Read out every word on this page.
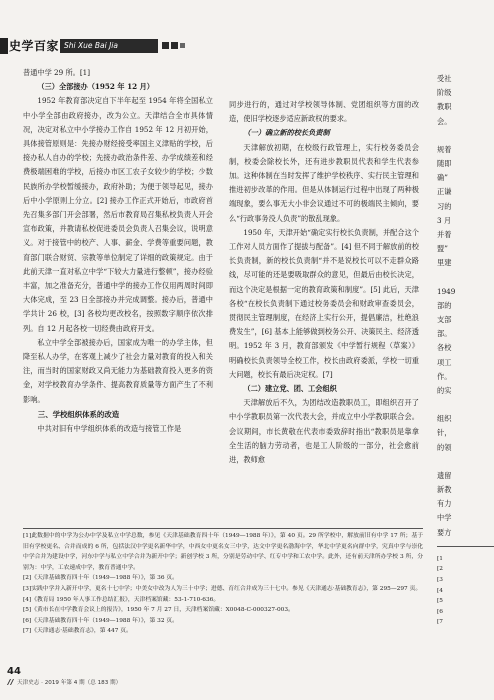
史学百家 Shi Xue Bai Jia

普通中学 29 所。[1]

（三）全部接办（1952 年 12 月）

1952 年教育部决定自下半年起至 1954 年将全国私立中小学全部由政府接办，改为公立。天津结合全市具体情况，决定对私立中小学接办工作自 1952 年 12 月初开始，具体接管原则是：先接办财经接受率国主义津贴的学校，后接办私人自办的学校；先接办政治条件差、办学成绩差和经费极端困难的学校，后接办市区工农子女较少的学校；少数民族所办学校暂缓接办，政府补助；为便于领导起见，接办后中小学原则上分立。[2] 接办工作正式开始后，市政府首先召集多部门开会部署，然后市教育局召集私校负责人开会宣布政策，并教请私校促进委员会负责人召集会议，说明意义。对于接管中的校产、人事、薪金、学费等重要问题，教育部门联合财贸、宗教等单位制定了详细的政策规定。由于此前天津一直对私立中学“下较大力量进行整顿”，接办经验丰富，加之准备充分，普通中学的接办工作仅用两周时间即大体完成，至 23 日全部接办并完成调整。接办后，普通中学共计 26 校，[3] 各校均更改校名，按照数字顺序依次排列。自 12 月起各校一切经费由政府开支。

私立中学全部被接办后，国家成为唯一的办学主体，但降至私人办学，在客观上减少了社会力量对教育的投入和关注，而当时的国家财政又尚无能力为基础教育投入更多的资金，对学校教育办学条件、提高教育质量等方面产生了不利影响。

三、学校组织体系的改造

中共对旧有中学组织体系的改造与接管工作是

同步进行的，通过对学校领导体制、党团组织等方面的改造，使旧学校逐步适应新政权的要求。

（一）确立新的校长负责制

天津解放初期，在校级行政管理上，实行校务委员会制，校委会除校长外，还有进步教职员代表和学生代表参加。这种体制在当时发挥了维护学校秩序、实行民主管理和推进初步改革的作用。但是从体制运行过程中出现了两种极端现象，要么事无大小非会议通过不可的极端民主倾向，要么“行政事务没人负责”的散乱现象。

1950 年，天津开始“确定实行校长负责制，并配合这个工作对人员方面作了提拔与配备”。[4] 但不同于解放前的校长负责制，新的校长负责制“并不是说校长可以不走群众路线，尽可能的还是要吸取群众的意见，但最后由校长决定，而这个决定是根据一定的教育政策和制度”。[5] 此后，天津各校“在校长负责制下通过校务委员会和财政审查委员会，贯彻民主管理制度，在经济上实行公开，提倡廉洁，杜绝浪费发生”，[6] 基本上能够做到校务公开、决策民主、经济透明。1952 年 3 月，教育部颁发《中学暂行规程（草案）》明确校长负责领导全校工作，校长由政府委派，学校一切重大问题，校长有最后决定权。[7]

（二）建立党、团、工会组织

天津解放后不久，为团结改造教职员工，即组织召开了中小学教职员第一次代表大会，并成立中小学教职联合会。会议期间，市长黄敬在代表市委致辞时指出“教职员是靠拿全生活的脑力劳动者，也是工人阶级的一部分，社会愈前进，教师愈

受社
阶级
教职
会。
规着
随即
确”
正谦
习的
3 月
并着
盟”
里建
1949
部的
支部
部。
各校
项工
作。
的实
组织
针，
的领
遗留
新教
有力
中学
要方
[1
[2
[3
[4
[5
[6
[7
[1]此数据中的中学为公办中学及私立中学总数，参见《天津基础教育四十年（1949—1988 年）》，第 40 页。29 所学校中，解放前旧有中学 17 所；基于旧有学校更名、合并而成的 6 所，包括法汉中学更名新华中学，中西女中更名女三中学，达文中学更名渤海中学，华北中学更名向群中学，究真中学与崇化中学合并为建设中学，河东中学与私立中学合并为新开中学；新创学校 3 所，分别是劳动中学、红专中学和工农中学。此外，还有前天津所办学校 3 所，分别为：中学，工农速成中学，教育普通中学。
[2]《天津基础教育四十年（1949—1988 年）》，第 36 页。
[3]实践中学并入新开中学，更名十七中学；中美女中改为人为三十中学；进德、育红合并成为三十七中。参见《天津通志·基础教育志》，第 295—297 页。
[4]《教育局 1950 年人事工作总结汇报》，天津档案馆藏：53-1-710-636。
[5]《黄市长在中学教育会议上的报告》，1950 年 7 月 27 日，天津档案馆藏：X0048-C-000327-003。
[6]《天津基础教育四十年（1949—1988 年）》，第 32 页。
[7]《天津通志·基础教育志》，第 447 页。
44
天津史志 · 2019 年第 4 期（总 183 期）
